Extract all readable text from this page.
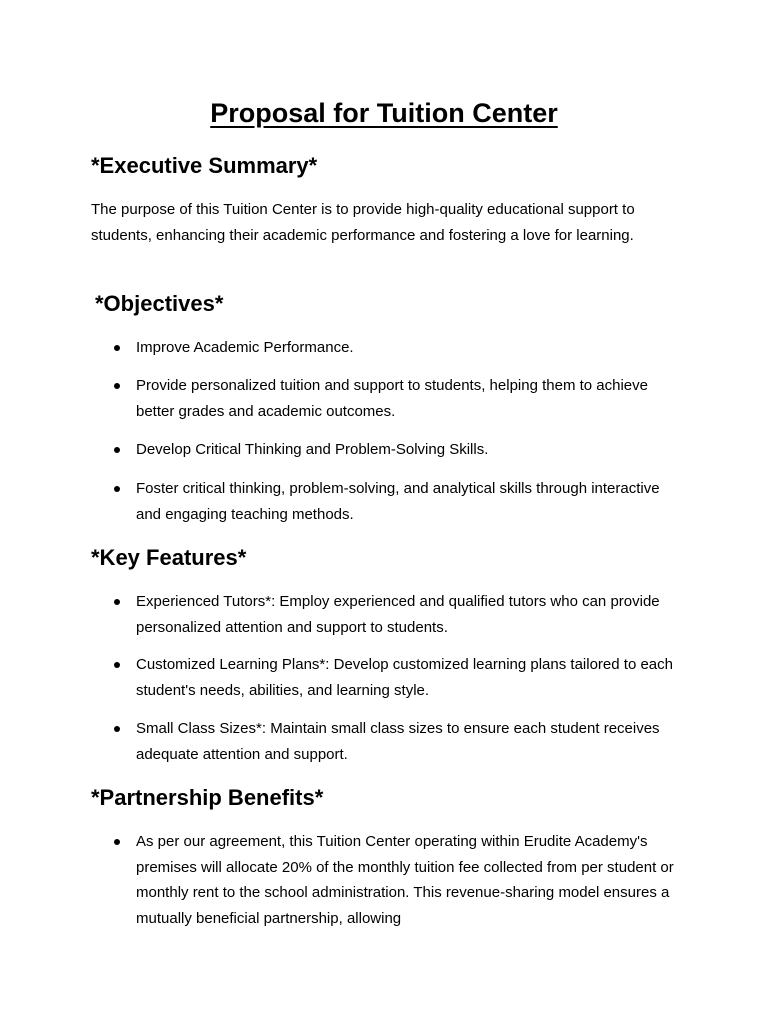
Proposal for Tuition Center
*Executive Summary*

The purpose of this Tuition Center is to provide high-quality educational support to students, enhancing their academic performance and fostering a love for learning.

*Objectives*

Improve Academic Performance.

Provide personalized tuition and support to students, helping them to achieve better grades and academic outcomes.

Develop Critical Thinking and Problem-Solving Skills.

Foster critical thinking, problem-solving, and analytical skills through interactive and engaging teaching methods.

*Key Features*

Experienced Tutors*: Employ experienced and qualified tutors who can provide personalized attention and support to students.

Customized Learning Plans*: Develop customized learning plans tailored to each student's needs, abilities, and learning style.

Small Class Sizes*: Maintain small class sizes to ensure each student receives adequate attention and support.

*Partnership Benefits*

As per our agreement, this Tuition Center operating within Erudite Academy's premises will allocate 20% of the monthly tuition fee collected from per student or monthly rent to the school administration. This revenue-sharing model ensures a mutually beneficial partnership, allowing
